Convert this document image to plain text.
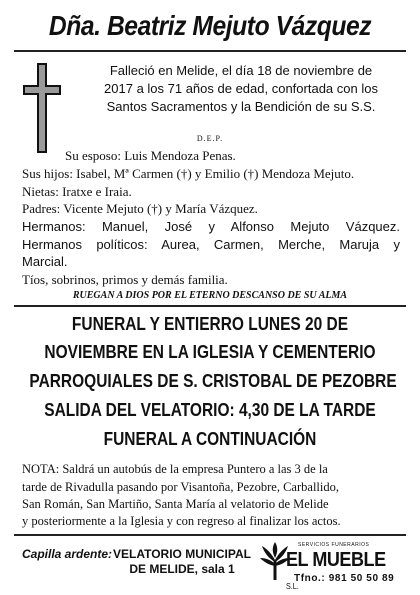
Dña. Beatriz Mejuto Vázquez
Falleció en Melide, el día 18 de noviembre de
2017 a los 71 años de edad, confortada con los
Santos Sacramentos y la Bendición de su S.S.
D.E.P.
Su esposo: Luis Mendoza Penas.
Sus hijos: Isabel, Mª Carmen (†) y Emilio (†) Mendoza Mejuto.
Nietas: Iratxe e Iraia.
Padres: Vicente Mejuto (†) y María Vázquez.
Hermanos: Manuel, José y Alfonso Mejuto Vázquez.
Hermanos políticos: Aurea, Carmen, Merche, Maruja y
Marcial.
Tíos, sobrinos, primos y demás familia.
RUEGAN A DIOS POR EL ETERNO DESCANSO DE SU ALMA
FUNERAL Y ENTIERRO LUNES 20 DE
NOVIEMBRE EN LA IGLESIA Y CEMENTERIO
PARROQUIALES DE S. CRISTOBAL DE PEZOBRE
SALIDA DEL VELATORIO: 4,30 DE LA TARDE
FUNERAL A CONTINUACIÓN
NOTA: Saldrá un autobús de la empresa Puntero a las 3 de la
tarde de Rivadulla pasando por Visantoña, Pezobre, Carballido,
San Román, San Martiño, Santa María al velatorio de Melide
y posteriormente a la Iglesia y con regreso al finalizar los actos.
Capilla ardente: VELATORIO MUNICIPAL
DE MELIDE, sala 1
SERVICIOS FUNERARIOS
EL MUEBLE S.L.
Tfno.: 981 50 50 89
